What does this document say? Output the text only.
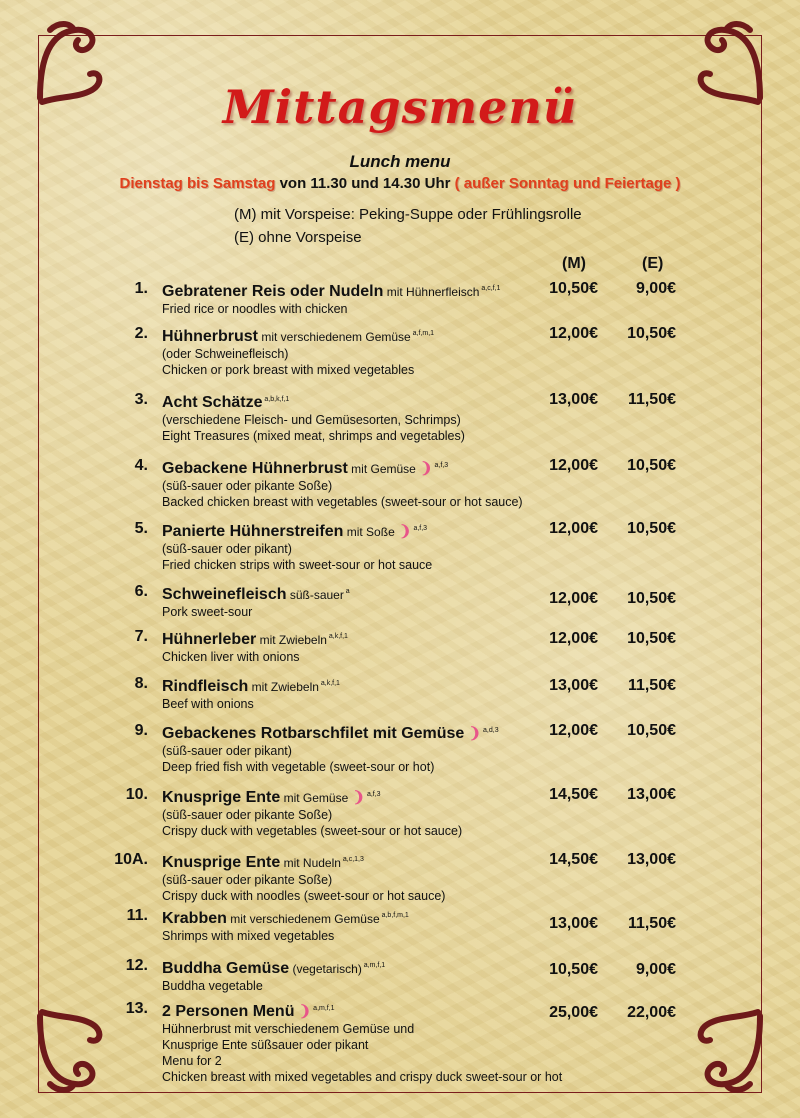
Mittagsmenü
Lunch menu
Dienstag bis Samstag von 11.30 und 14.30 Uhr ( außer Sonntag und Feiertage )
(M) mit Vorspeise: Peking-Suppe oder Frühlingsrolle
(E) ohne Vorspeise
(M)	(E)
1. Gebratener Reis oder Nudeln mit Hühnerfleisch $^{a,c,f,1}$
Fried rice or noodles with chicken
10,50€	9,00€
2. Hühnerbrust mit verschiedenem Gemüse $^{a,f,m,1}$
(oder Schweinefleisch)
Chicken or pork breast with mixed vegetables
12,00€	10,50€
3. Acht Schätze $^{a,b,k,f,1}$
(verschiedene Fleisch- und Gemüsesorten, Schrimps)
Eight Treasures (mixed meat, shrimps and vegetables)
13,00€	11,50€
4. Gebackene Hühnerbrust mit Gemüse ❩ $^{a,f,3}$
(süß-sauer oder pikante Soße)
Backed chicken breast with vegetables (sweet-sour or hot sauce)
12,00€	10,50€
5. Panierte Hühnerstreifen mit Soße ❩ $^{a,f,3}$
(süß-sauer oder pikant)
Fried chicken strips with sweet-sour or hot sauce
12,00€	10,50€
6. Schweinefleisch süß-sauer $^a$
Pork sweet-sour
12,00€	10,50€
7. Hühnerleber mit Zwiebeln $^{a,k,f,1}$
Chicken liver with onions
12,00€	10,50€
8. Rindfleisch mit Zwiebeln $^{a,k,f,1}$
Beef with onions
13,00€	11,50€
9. Gebackenes Rotbarschfilet mit Gemüse ❩ $^{a,d,3}$
(süß-sauer oder pikant)
Deep fried fish with vegetable (sweet-sour or hot)
12,00€	10,50€
10. Knusprige Ente mit Gemüse ❩ $^{a,f,3}$
(süß-sauer oder pikante Soße)
Crispy duck with vegetables (sweet-sour or hot sauce)
14,50€	13,00€
10A. Knusprige Ente mit Nudeln $^{a,c,1,3}$
(süß-sauer oder pikante Soße)
Crispy duck with noodles (sweet-sour or hot sauce)
14,50€	13,00€
11. Krabben mit verschiedenem Gemüse $^{a,b,f,m,1}$
Shrimps with mixed vegetables
13,00€	11,50€
12. Buddha Gemüse (vegetarisch) $^{a,m,f,1}$
Buddha vegetable
10,50€	9,00€
13. 2 Personen Menü ❩ $^{a,m,f,1}$
Hühnerbrust mit verschiedenem Gemüse und
Knusprige Ente süßsauer oder pikant
Menu for 2
Chicken breast with mixed vegetables and crispy duck sweet-sour or hot
25,00€	22,00€
